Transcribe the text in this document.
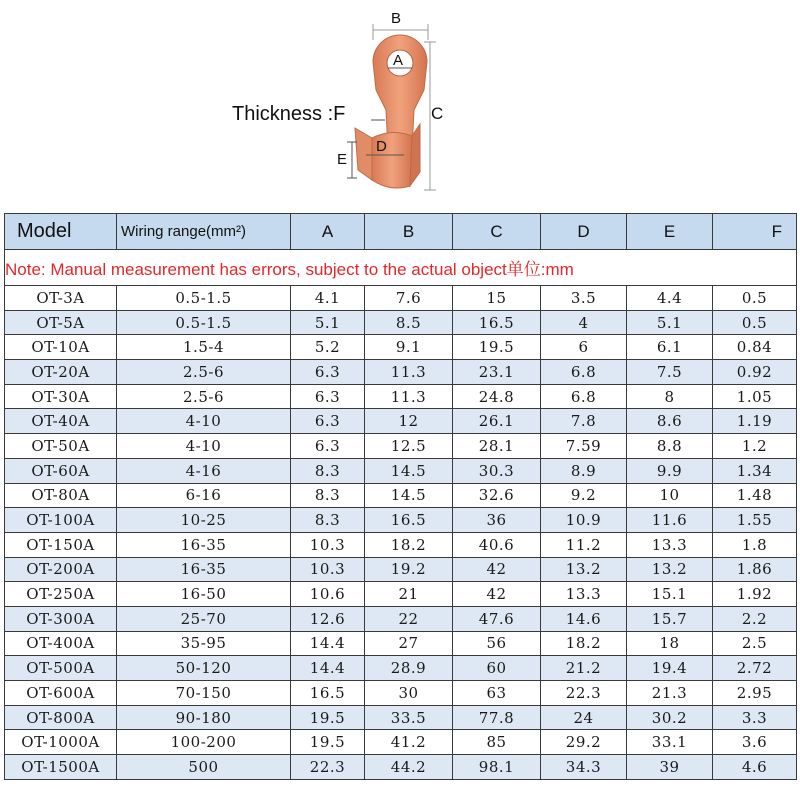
Thickness :F
B
A
C
D
E
Model	Wiring range(mm²)	A	B	C	D	E	F
Note: Manual measurement has errors, subject to the actual object单位:mm							
OT-3A	0.5-1.5	4.1	7.6	15	3.5	4.4	0.5
OT-5A	0.5-1.5	5.1	8.5	16.5	4	5.1	0.5
OT-10A	1.5-4	5.2	9.1	19.5	6	6.1	0.84
OT-20A	2.5-6	6.3	11.3	23.1	6.8	7.5	0.92
OT-30A	2.5-6	6.3	11.3	24.8	6.8	8	1.05
OT-40A	4-10	6.3	12	26.1	7.8	8.6	1.19
OT-50A	4-10	6.3	12.5	28.1	7.59	8.8	1.2
OT-60A	4-16	8.3	14.5	30.3	8.9	9.9	1.34
OT-80A	6-16	8.3	14.5	32.6	9.2	10	1.48
OT-100A	10-25	8.3	16.5	36	10.9	11.6	1.55
OT-150A	16-35	10.3	18.2	40.6	11.2	13.3	1.8
OT-200A	16-35	10.3	19.2	42	13.2	13.2	1.86
OT-250A	16-50	10.6	21	42	13.3	15.1	1.92
OT-300A	25-70	12.6	22	47.6	14.6	15.7	2.2
OT-400A	35-95	14.4	27	56	18.2	18	2.5
OT-500A	50-120	14.4	28.9	60	21.2	19.4	2.72
OT-600A	70-150	16.5	30	63	22.3	21.3	2.95
OT-800A	90-180	19.5	33.5	77.8	24	30.2	3.3
OT-1000A	100-200	19.5	41.2	85	29.2	33.1	3.6
OT-1500A	500	22.3	44.2	98.1	34.3	39	4.6
